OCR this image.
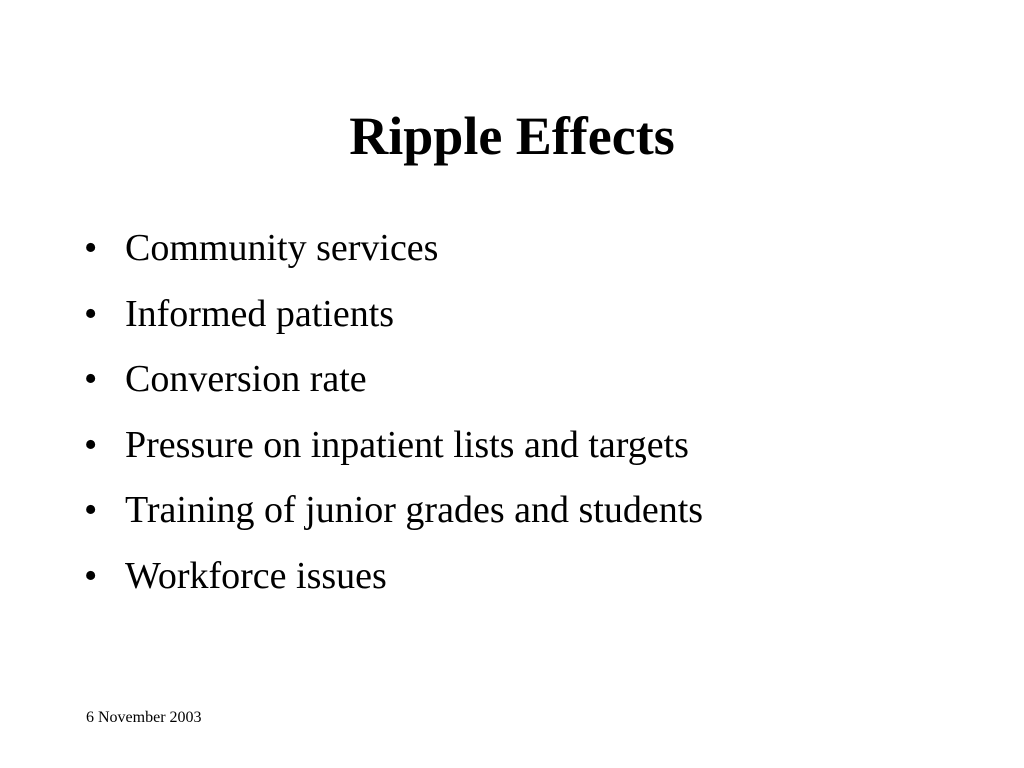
Ripple Effects
• Community services
• Informed patients
• Conversion rate
• Pressure on inpatient lists and targets
• Training of junior grades and students
• Workforce issues
6 November 2003
